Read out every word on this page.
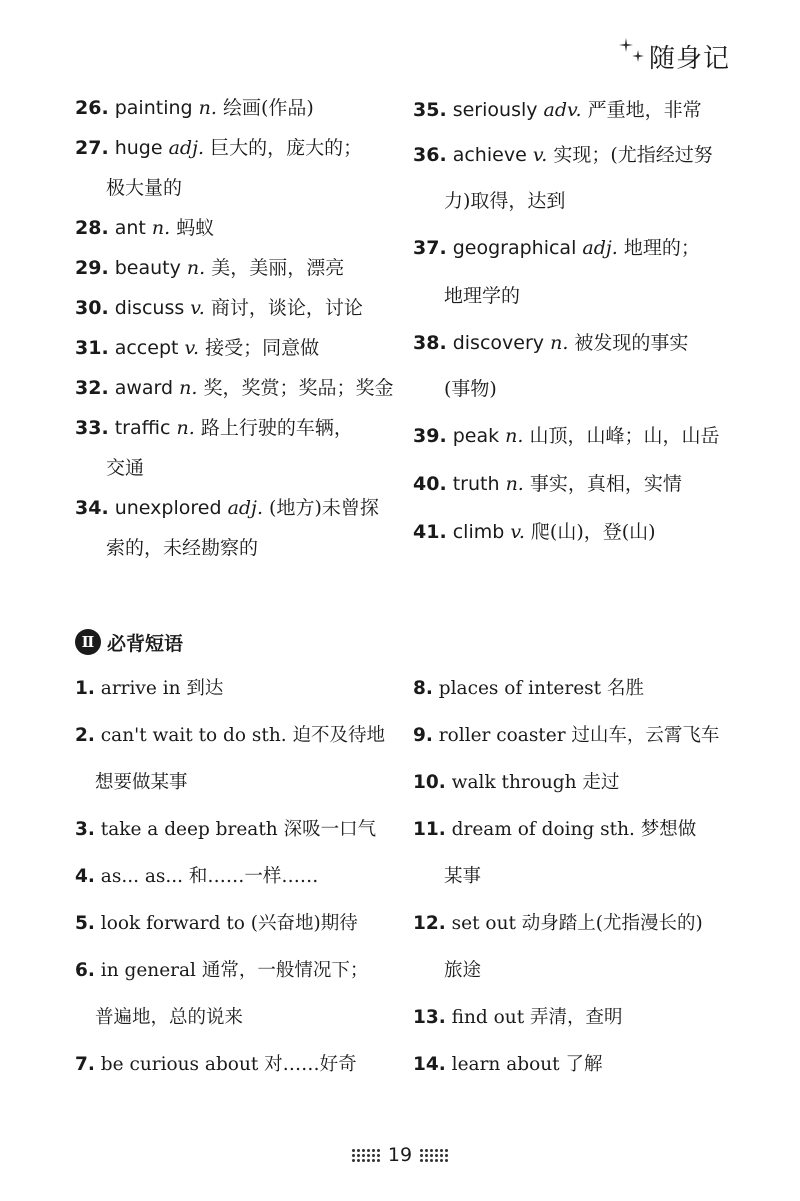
随身记
26. painting n. 绘画(作品)
27. huge adj. 巨大的，庞大的；
极大量的
28. ant n. 蚂蚁
29. beauty n. 美，美丽，漂亮
30. discuss v. 商讨，谈论，讨论
31. accept v. 接受；同意做
32. award n. 奖，奖赏；奖品；奖金
33. traffic n. 路上行驶的车辆，
交通
34. unexplored adj. (地方)未曾探
索的，未经勘察的
35. seriously adv. 严重地，非常
36. achieve v. 实现；(尤指经过努
力)取得，达到
37. geographical adj. 地理的；
地理学的
38. discovery n. 被发现的事实
(事物)
39. peak n. 山顶，山峰；山，山岳
40. truth n. 事实，真相，实情
41. climb v. 爬(山)，登(山)
Ⅱ 必背短语
1. arrive in 到达
2. can't wait to do sth. 迫不及待地
想要做某事
3. take a deep breath 深吸一口气
4. as... as... 和……一样……
5. look forward to (兴奋地)期待
6. in general 通常，一般情况下；
普遍地，总的说来
7. be curious about 对……好奇
8. places of interest 名胜
9. roller coaster 过山车，云霄飞车
10. walk through 走过
11. dream of doing sth. 梦想做
某事
12. set out 动身踏上(尤指漫长的)
旅途
13. find out 弄清，查明
14. learn about 了解
19
